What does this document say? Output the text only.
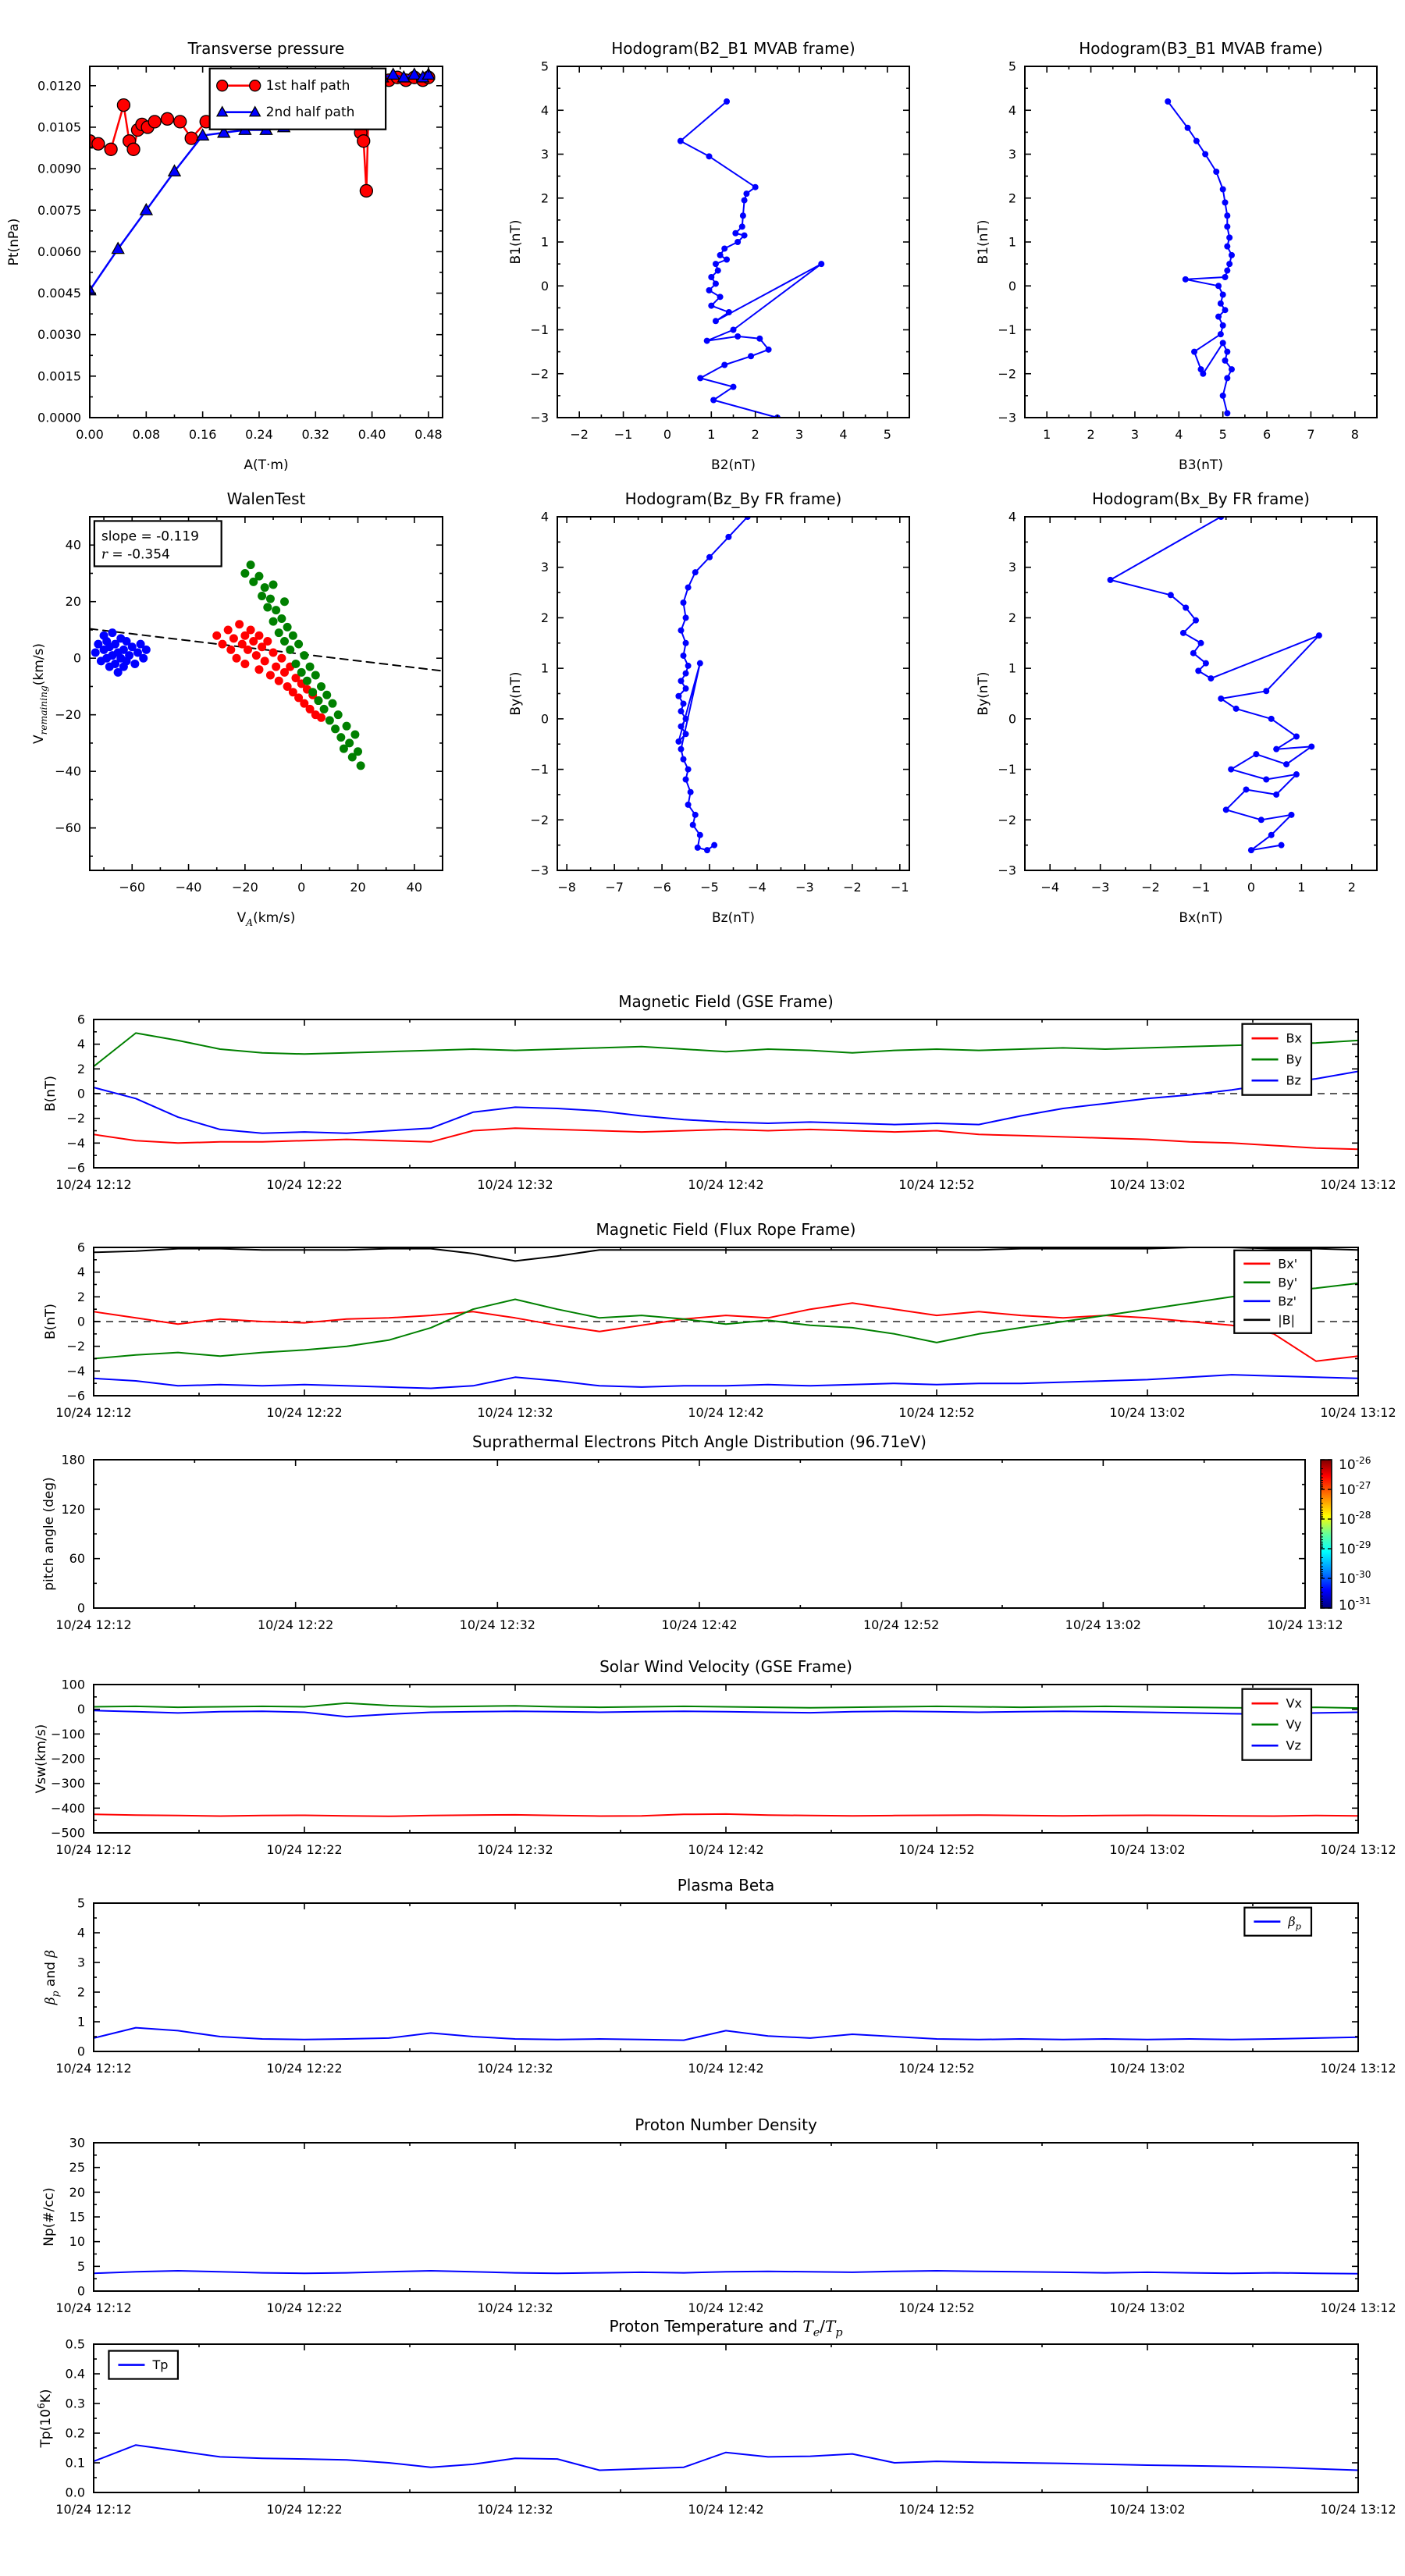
0.00 0.08 0.16 0.24 0.32 0.40 0.48
0.0000
0.0015
0.0030
0.0045
0.0060
0.0075
0.0090
0.0105
0.0120
Transverse pressure
A(T·m)
Pt(nPa)
1st half path
2nd half path
−2 −1 0	1	2	3	4	5
−3
−2
−1
0
1
2
3
4
5
Hodogram(B2_B1 MVAB frame)
B2(nT)
B1(nT)
1	2	3	4	5	6	7	8
−3
−2
−1
0
1
2
3
4
5
Hodogram(B3_B1 MVAB frame)
B3(nT)
B1(nT)
−60 −40 −20	0	20	40
−60
−40
−20
0
20
40
WalenTest
$V_A(km/s)$
$V_{remaining}(km/s)$
slope = -0.119
r = -0.354
−8 −7 −6 −5 −4 −3 −2 −1
−3
−2
−1
0
1
2
3
4
Hodogram(Bz_By FR frame)
Bz(nT)
By(nT)
−4	−3	−2	−1	0	1	2
−3
−2
−1
0
1
2
3
4
Hodogram(Bx_By FR frame)
Bx(nT)
By(nT)
10/24 12:12	10/24 12:22	10/24 12:32	10/24 12:42	10/24 12:52	10/24 13:02	10/24 13:12
−6
−4
−2
0
2
4
6
Magnetic Field (GSE Frame)
B(nT)
Bx
By
Bz
10/24 12:12	10/24 12:22	10/24 12:32	10/24 12:42	10/24 12:52	10/24 13:02	10/24 13:12
−6
−4
−2
0
2
4
6
Magnetic Field (Flux Rope Frame)
B(nT)
Bx'
By'
Bz'
|B|
10/24 12:12	10/24 12:22	10/24 12:32	10/24 12:42	10/24 12:52	10/24 13:02	10/24 13:12
0
60
120
180
Suprathermal Electrons Pitch Angle Distribution (96.71eV)
pitch angle (deg)
$10^{-26}$
$10^{-27}$
$10^{-28}$
$10^{-29}$
$10^{-30}$
$10^{-31}$
10/24 12:12	10/24 12:22	10/24 12:32	10/24 12:42	10/24 12:52	10/24 13:02	10/24 13:12
−500
−400
−300
−200
−100
0
100
Solar Wind Velocity (GSE Frame)
Vsw(km/s)
Vx
Vy
Vz
10/24 12:12	10/24 12:22	10/24 12:32	10/24 12:42	10/24 12:52	10/24 13:02	10/24 13:12
0
1
2
3
4
5
Plasma Beta
$\beta_p$ and β
$\beta_p$
10/24 12:12	10/24 12:22	10/24 12:32	10/24 12:42	10/24 12:52	10/24 13:02	10/24 13:12
0
5
10
15
20
25
30
Proton Number Density
Np(#/cc)
10/24 12:12	10/24 12:22	10/24 12:32	10/24 12:42	10/24 12:52	10/24 13:02	10/24 13:12
0.0
0.1
0.2
0.3
0.4
0.5
Proton Temperature and $T_e/T_p$
$Tp(10^6K)$
Tp
